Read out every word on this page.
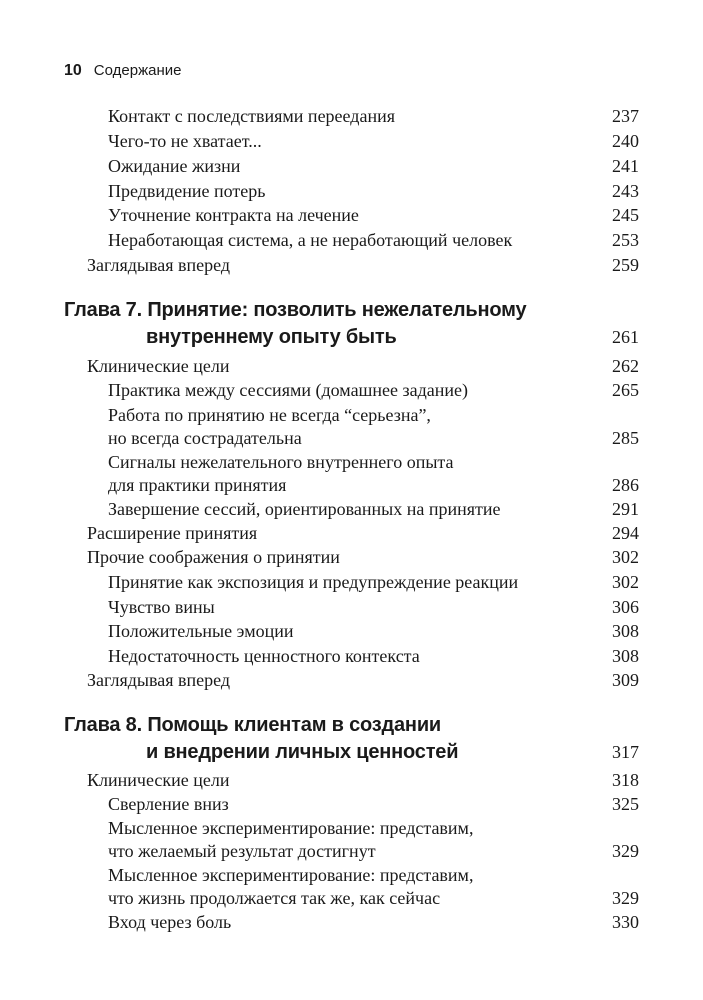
10 Содержание
Контакт с последствиями переедания	237
Чего-то не хватает...	240
Ожидание жизни	241
Предвидение потерь	243
Уточнение контракта на лечение	245
Неработающая система, а не неработающий человек	253
Заглядывая вперед	259
Глава 7. Принятие: позволить нежелательному
внутреннему опыту быть	261
Клинические цели	262
Практика между сессиями (домашнее задание)	265
Работа по принятию не всегда “серьезна”,
но всегда сострадательна	285
Сигналы нежелательного внутреннего опыта
для практики принятия	286
Завершение сессий, ориентированных на принятие	291
Расширение принятия	294
Прочие соображения о принятии	302
Принятие как экспозиция и предупреждение реакции	302
Чувство вины	306
Положительные эмоции	308
Недостаточность ценностного контекста	308
Заглядывая вперед	309
Глава 8. Помощь клиентам в создании
и внедрении личных ценностей	317
Клинические цели	318
Сверление вниз	325
Мысленное экспериментирование: представим,
что желаемый результат достигнут	329
Мысленное экспериментирование: представим,
что жизнь продолжается так же, как сейчас	329
Вход через боль	330
